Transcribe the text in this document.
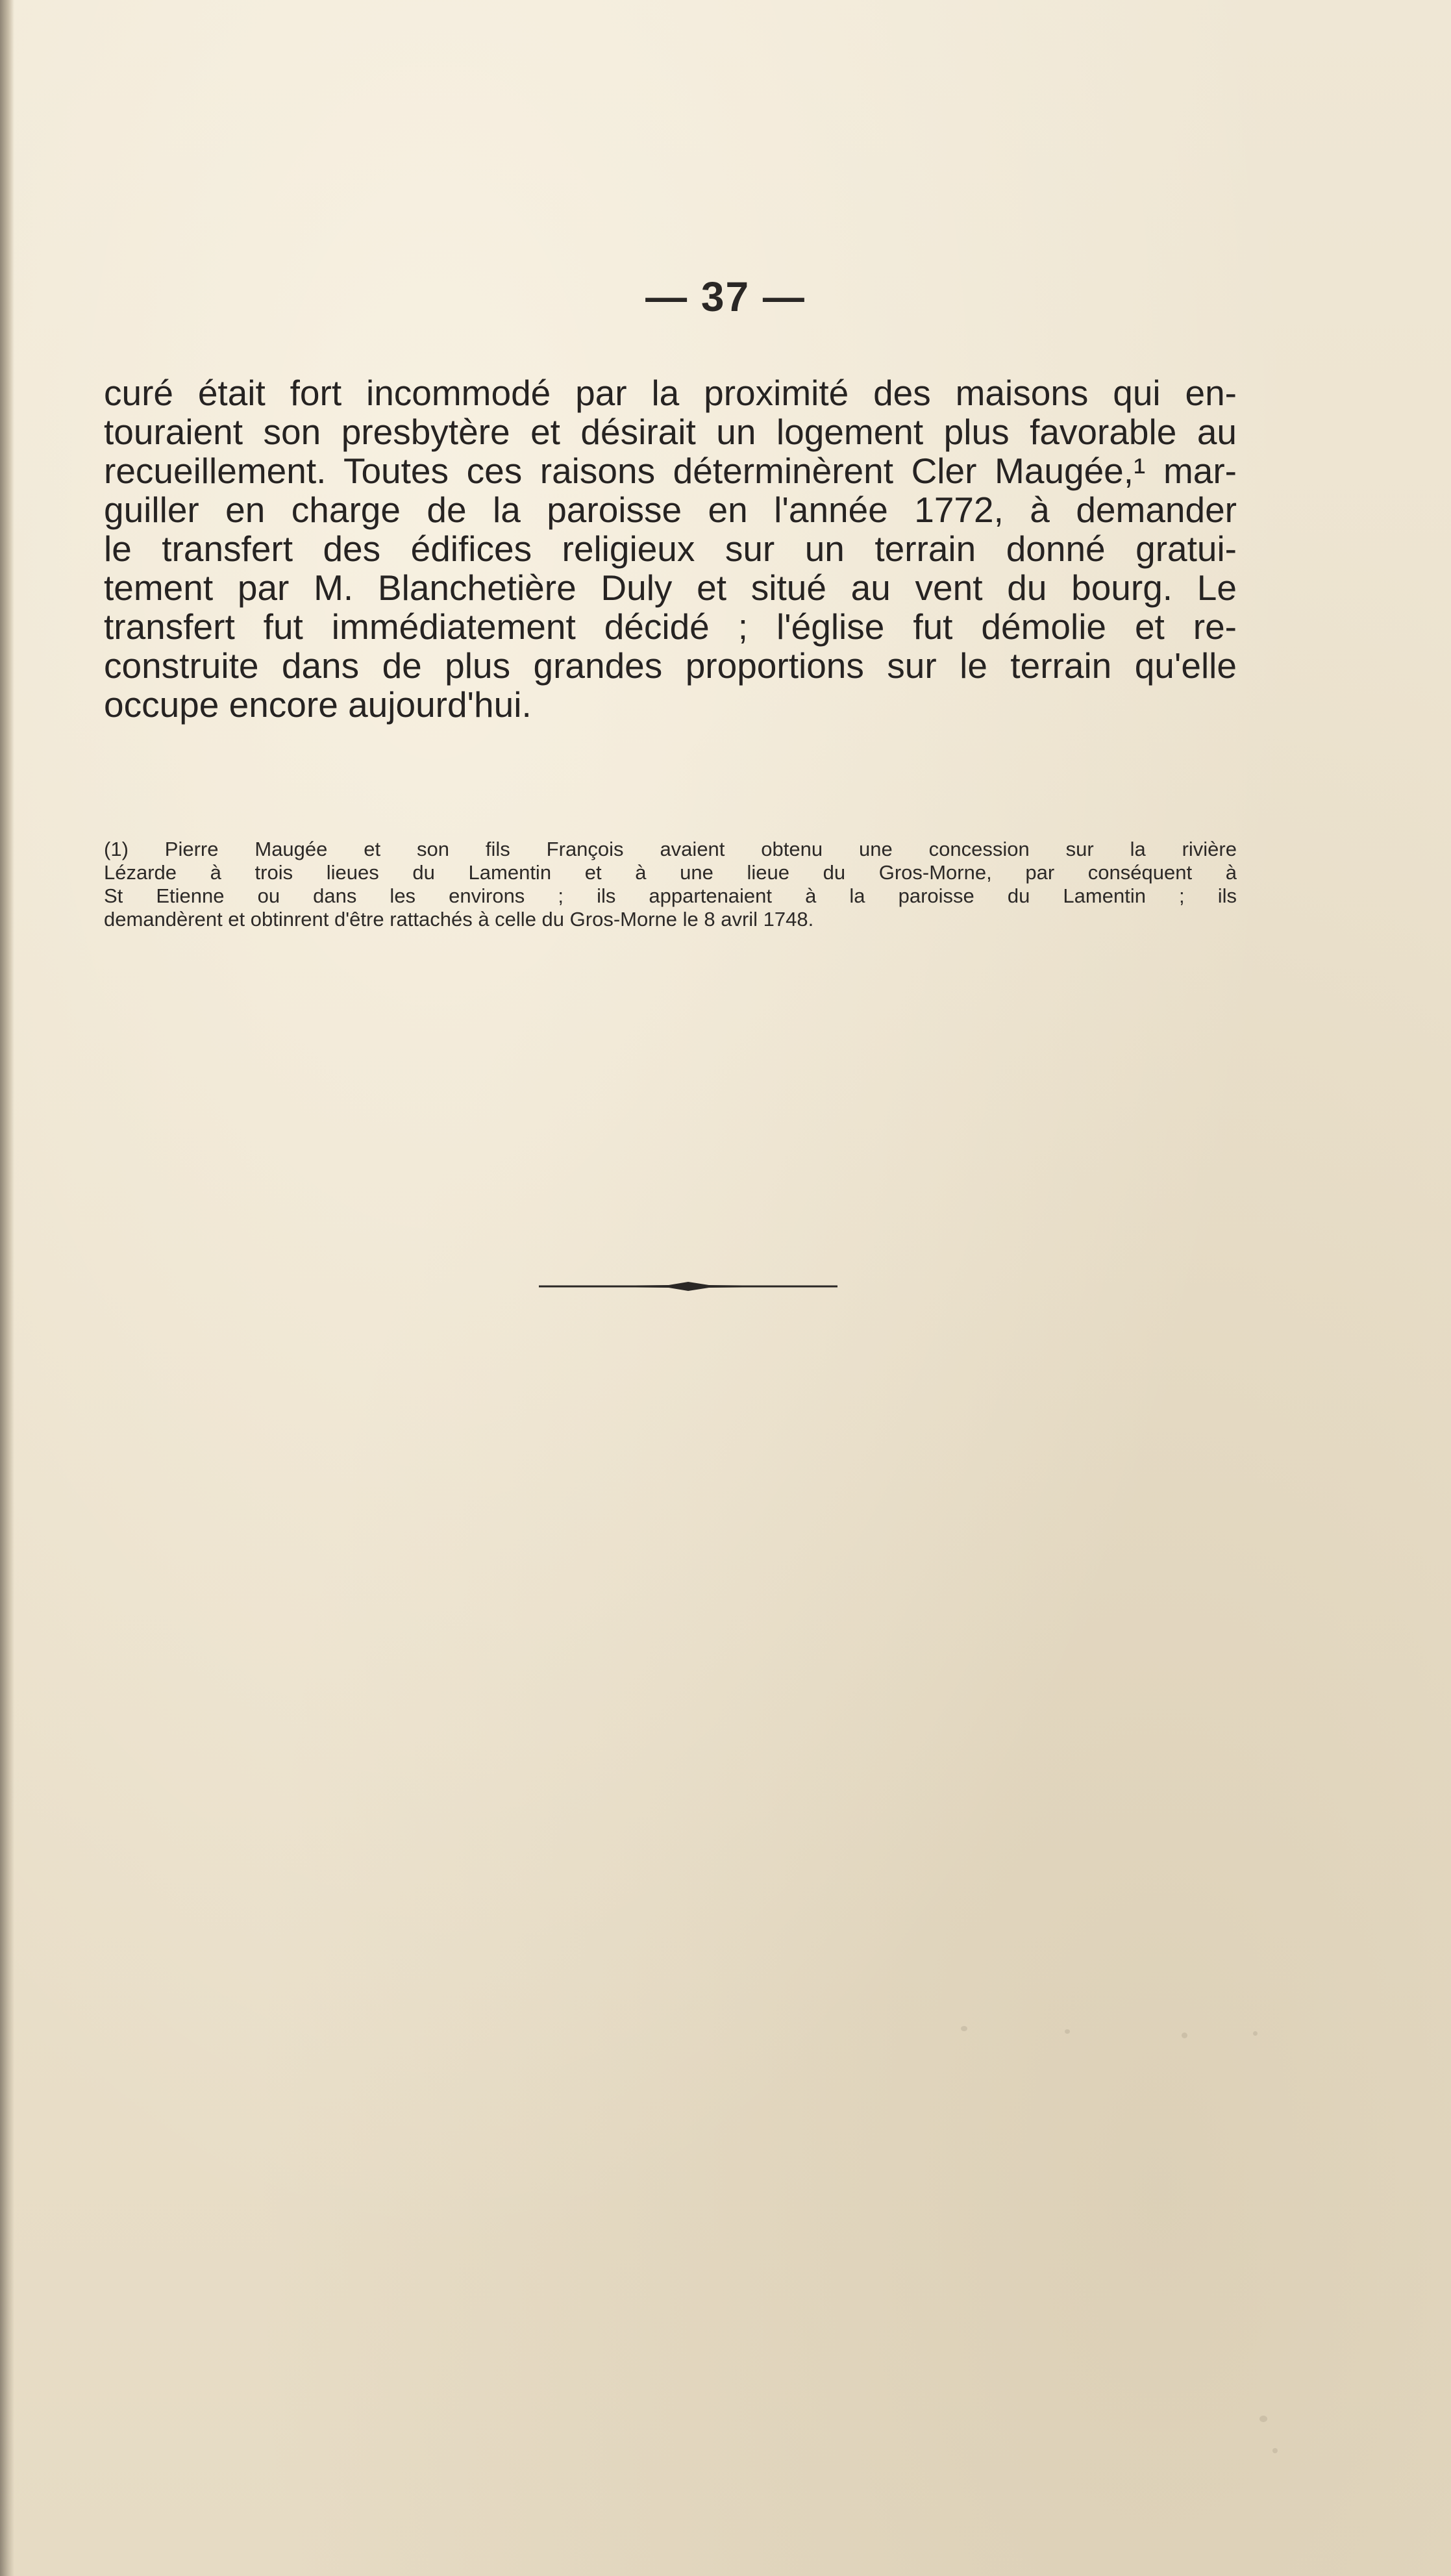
— 37 —
curé était fort incommodé par la proximité des maisons qui en-
touraient son presbytère et désirait un logement plus favorable au
recueillement. Toutes ces raisons déterminèrent Cler Maugée,¹ mar-
guiller en charge de la paroisse en l'année 1772, à demander
le transfert des édifices religieux sur un terrain donné gratui-
tement par M. Blanchetière Duly et situé au vent du bourg. Le
transfert fut immédiatement décidé ; l'église fut démolie et re-
construite dans de plus grandes proportions sur le terrain qu'elle
occupe encore aujourd'hui.
(1) Pierre Maugée et son fils François avaient obtenu une concession sur la rivière
Lézarde à trois lieues du Lamentin et à une lieue du Gros-Morne, par conséquent à
St Etienne ou dans les environs ; ils appartenaient à la paroisse du Lamentin ; ils
demandèrent et obtinrent d'être rattachés à celle du Gros-Morne le 8 avril 1748.
